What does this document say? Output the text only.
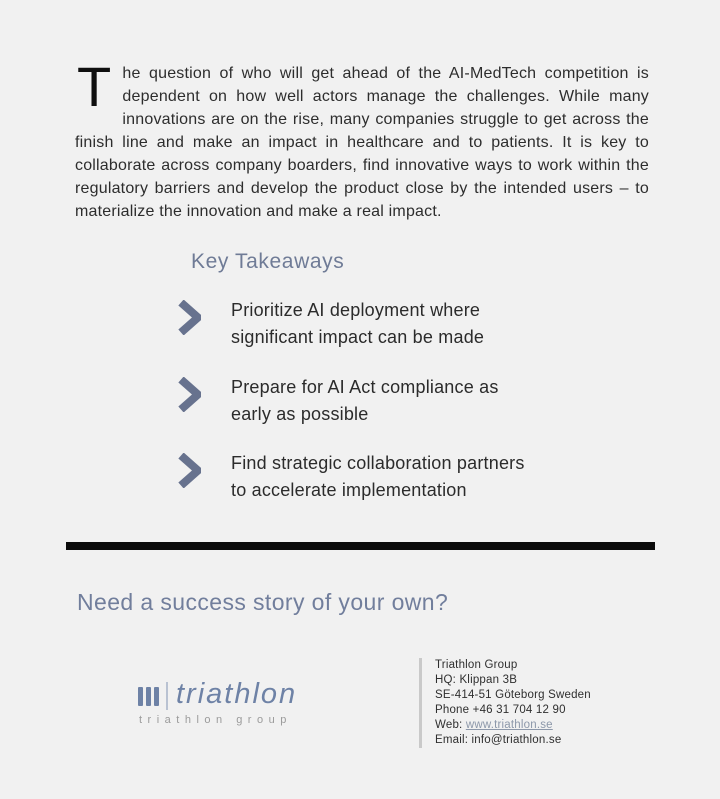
The question of who will get ahead of the AI-MedTech competition is dependent on how well actors manage the challenges. While many innovations are on the rise, many companies struggle to get across the finish line and make an impact in healthcare and to patients. It is key to collaborate across company boarders, find innovative ways to work within the regulatory barriers and develop the product close by the intended users – to materialize the innovation and make a real impact.

Key Takeaways
Prioritize AI deployment where
significant impact can be made
Prepare for AI Act compliance as
early as possible
Find strategic collaboration partners
to accelerate implementation
Need a success story of your own?
triathlon
triathlon group
Triathlon Group
HQ: Klippan 3B
SE-414-51 Göteborg Sweden
Phone +46 31 704 12 90
Web: www.triathlon.se
Email: info@triathlon.se
